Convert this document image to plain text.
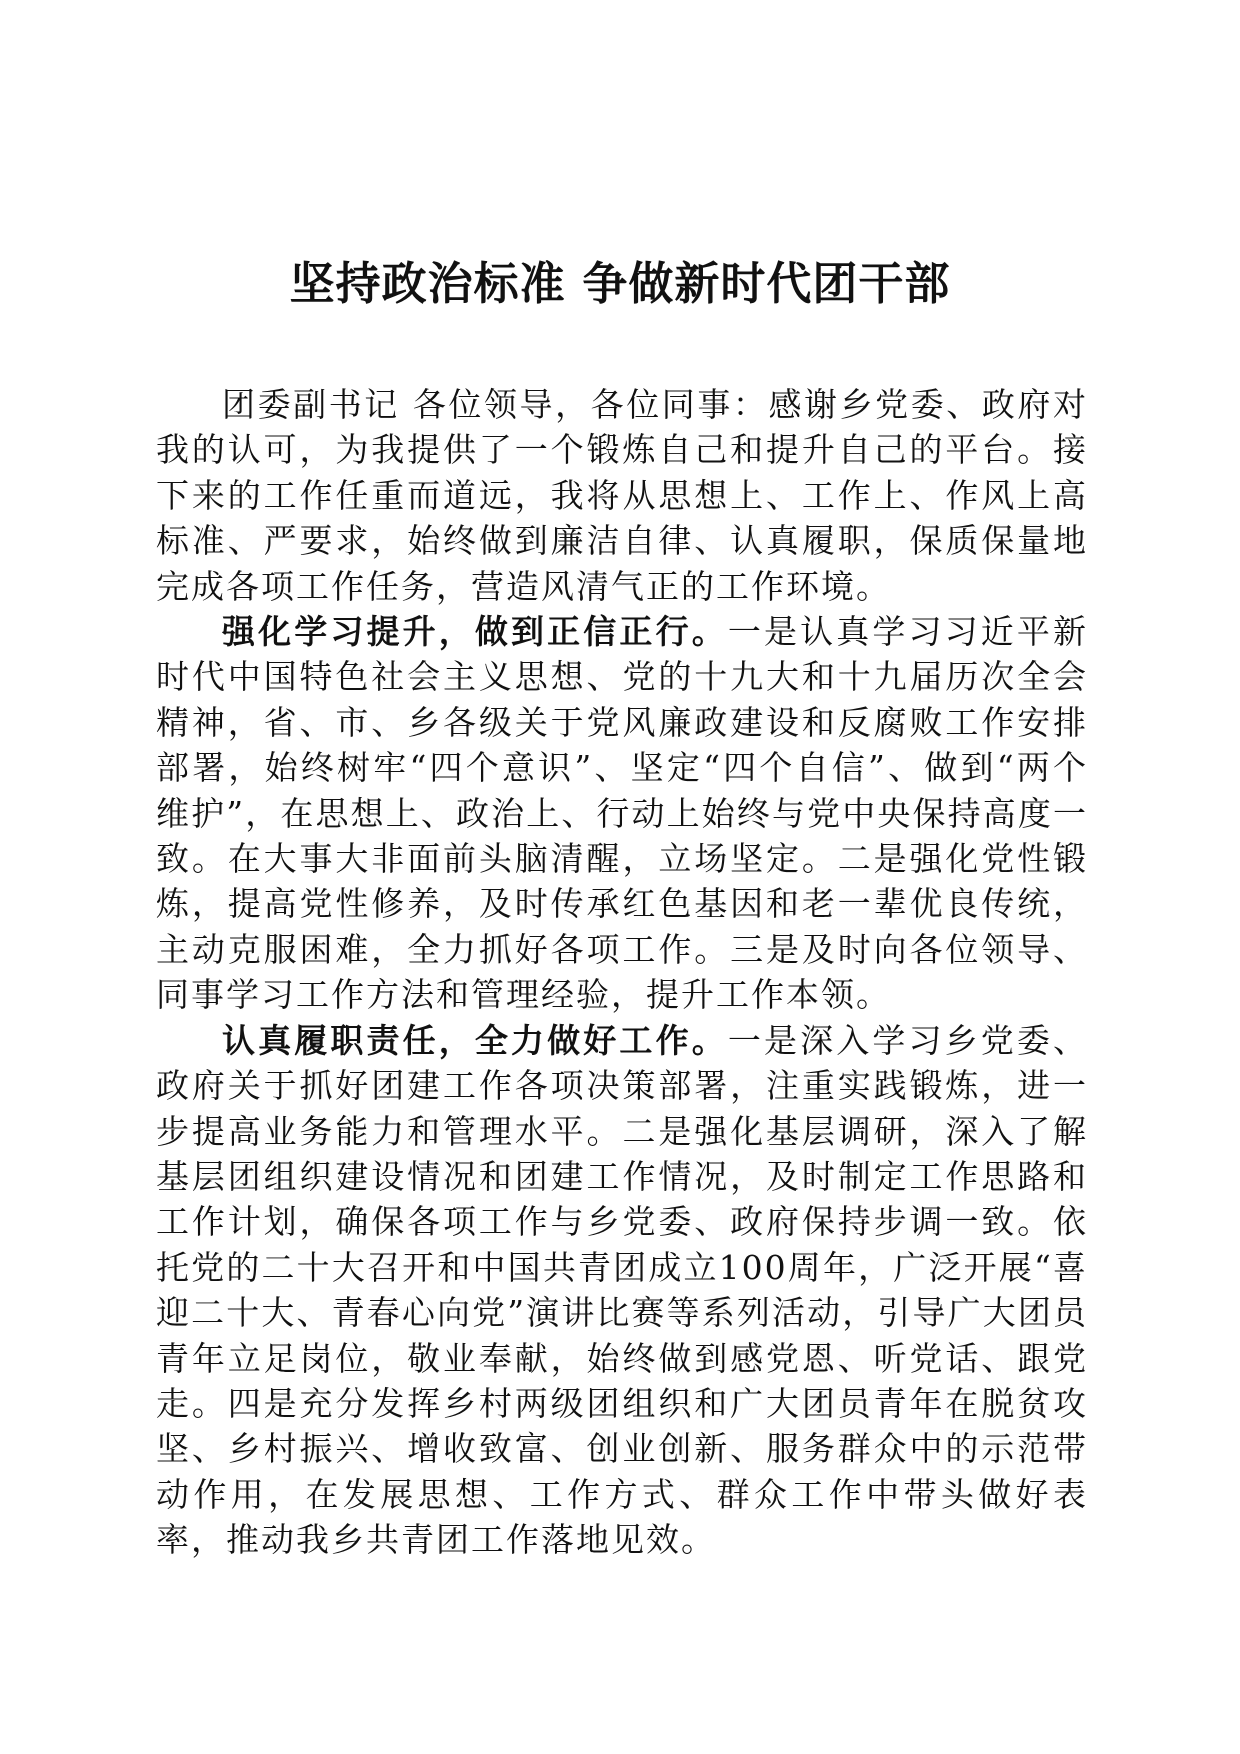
坚持政治标准 争做新时代团干部

团委副书记 各位领导，各位同事：感谢乡党委、政府对我的认可，为我提供了一个锻炼自己和提升自己的平台。接下来的工作任重而道远，我将从思想上、工作上、作风上高标准、严要求，始终做到廉洁自律、认真履职，保质保量地完成各项工作任务，营造风清气正的工作环境。

强化学习提升，做到正信正行。一是认真学习习近平新时代中国特色社会主义思想、党的十九大和十九届历次全会精神，省、市、乡各级关于党风廉政建设和反腐败工作安排部署，始终树牢“四个意识”、坚定“四个自信”、做到“两个维护”，在思想上、政治上、行动上始终与党中央保持高度一致。在大事大非面前头脑清醒，立场坚定。二是强化党性锻炼，提高党性修养，及时传承红色基因和老一辈优良传统，主动克服困难，全力抓好各项工作。三是及时向各位领导、同事学习工作方法和管理经验，提升工作本领。

认真履职责任，全力做好工作。一是深入学习乡党委、政府关于抓好团建工作各项决策部署，注重实践锻炼，进一步提高业务能力和管理水平。二是强化基层调研，深入了解基层团组织建设情况和团建工作情况，及时制定工作思路和工作计划，确保各项工作与乡党委、政府保持步调一致。依托党的二十大召开和中国共青团成立100周年，广泛开展“喜迎二十大、青春心向党”演讲比赛等系列活动，引导广大团员青年立足岗位，敬业奉献，始终做到感党恩、听党话、跟党走。四是充分发挥乡村两级团组织和广大团员青年在脱贫攻坚、乡村振兴、增收致富、创业创新、服务群众中的示范带动作用，在发展思想、工作方式、群众工作中带头做好表率，推动我乡共青团工作落地见效。
